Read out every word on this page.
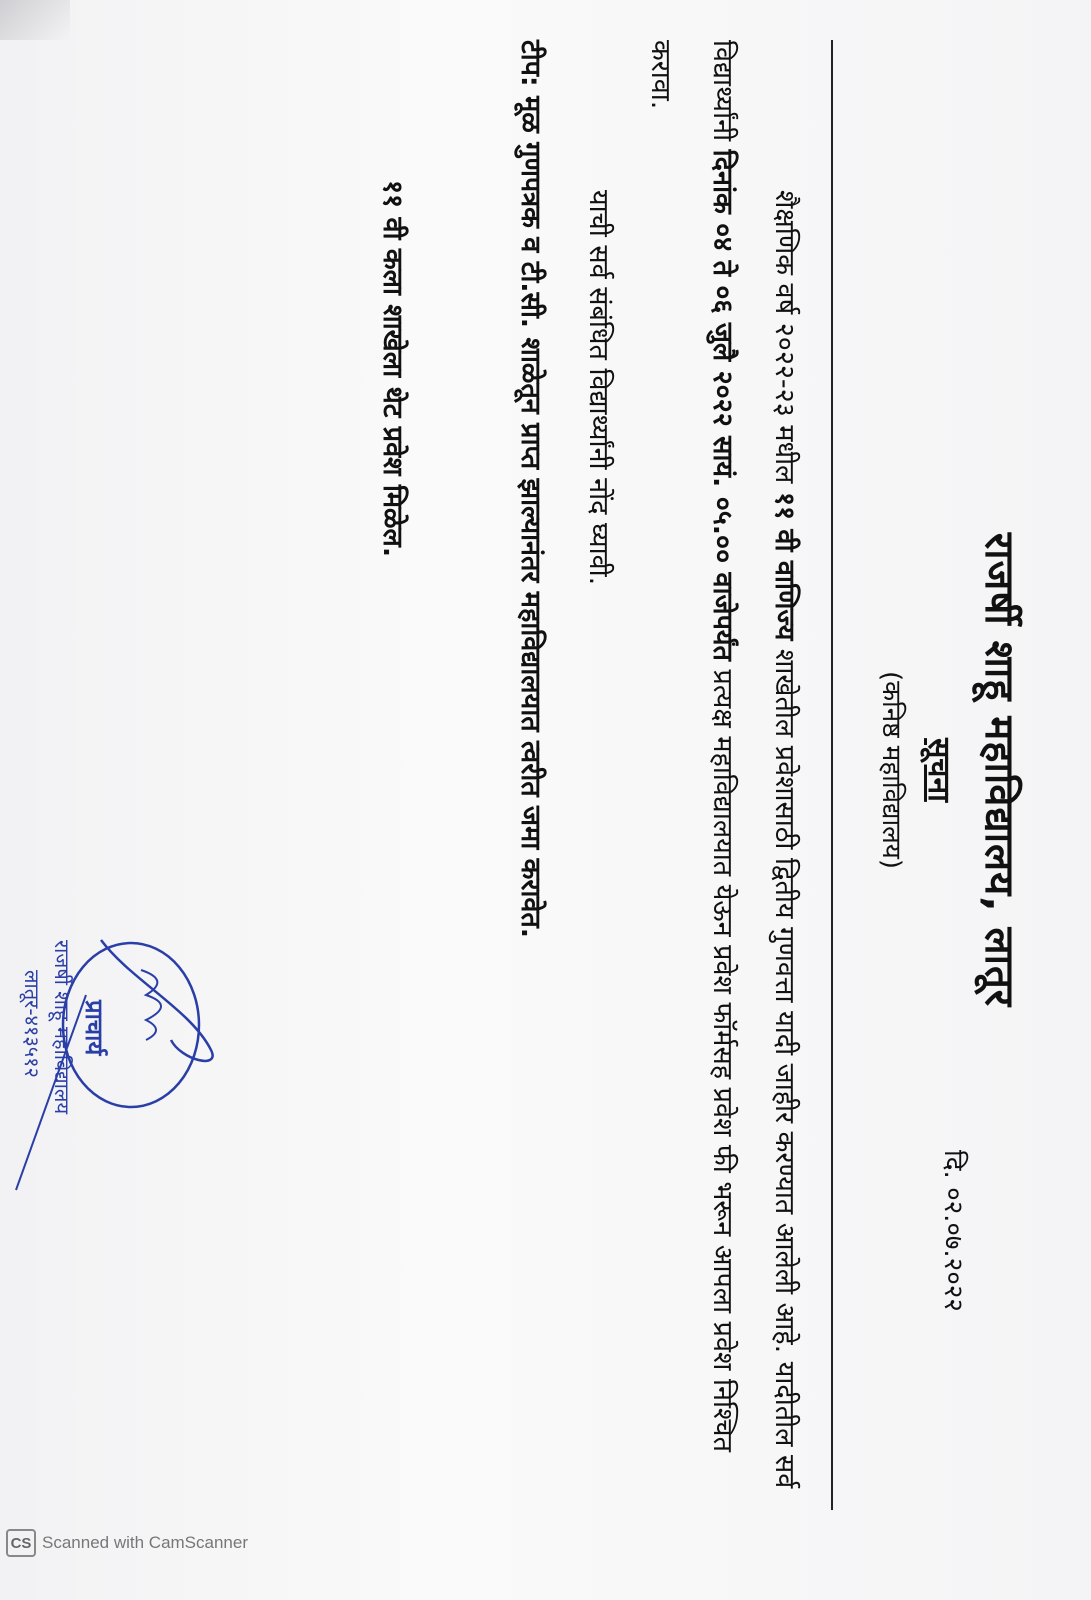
राजर्षी शाहू महाविद्यालय, लातूर
दि. ०२.०७.२०२२
सूचना
(कनिष्ठ महाविद्यालय)
शैक्षणिक वर्ष २०२२-२३ मधील ११ वी वाणिज्य शाखेतील प्रवेशासाठी द्वितीय गुणवत्ता यादी जाहीर करण्यात आलेली आहे. यादीतील सर्व विद्यार्थ्यांनी दिनांक ०४ ते ०६ जुलै २०२२ सायं. ०५.०० वाजेपर्यंत प्रत्यक्ष महाविद्यालयात येऊन प्रवेश फॉर्मसह प्रवेश फी भरून आपला प्रवेश निश्चित करावा.
याची सर्व संबंधित विद्यार्थ्यांनी नोंद घ्यावी.
टीप: मूळ गुणपत्रक व टी.सी. शाळेतून प्राप्त झाल्यानंतर महाविद्यालयात त्वरीत जमा करावेत.
११ वी कला शाखेला थेट प्रवेश मिळेल.
प्राचार्य
राजर्षी शाहू महाविद्यालय
लातूर-४१३५१२
CS Scanned with CamScanner
